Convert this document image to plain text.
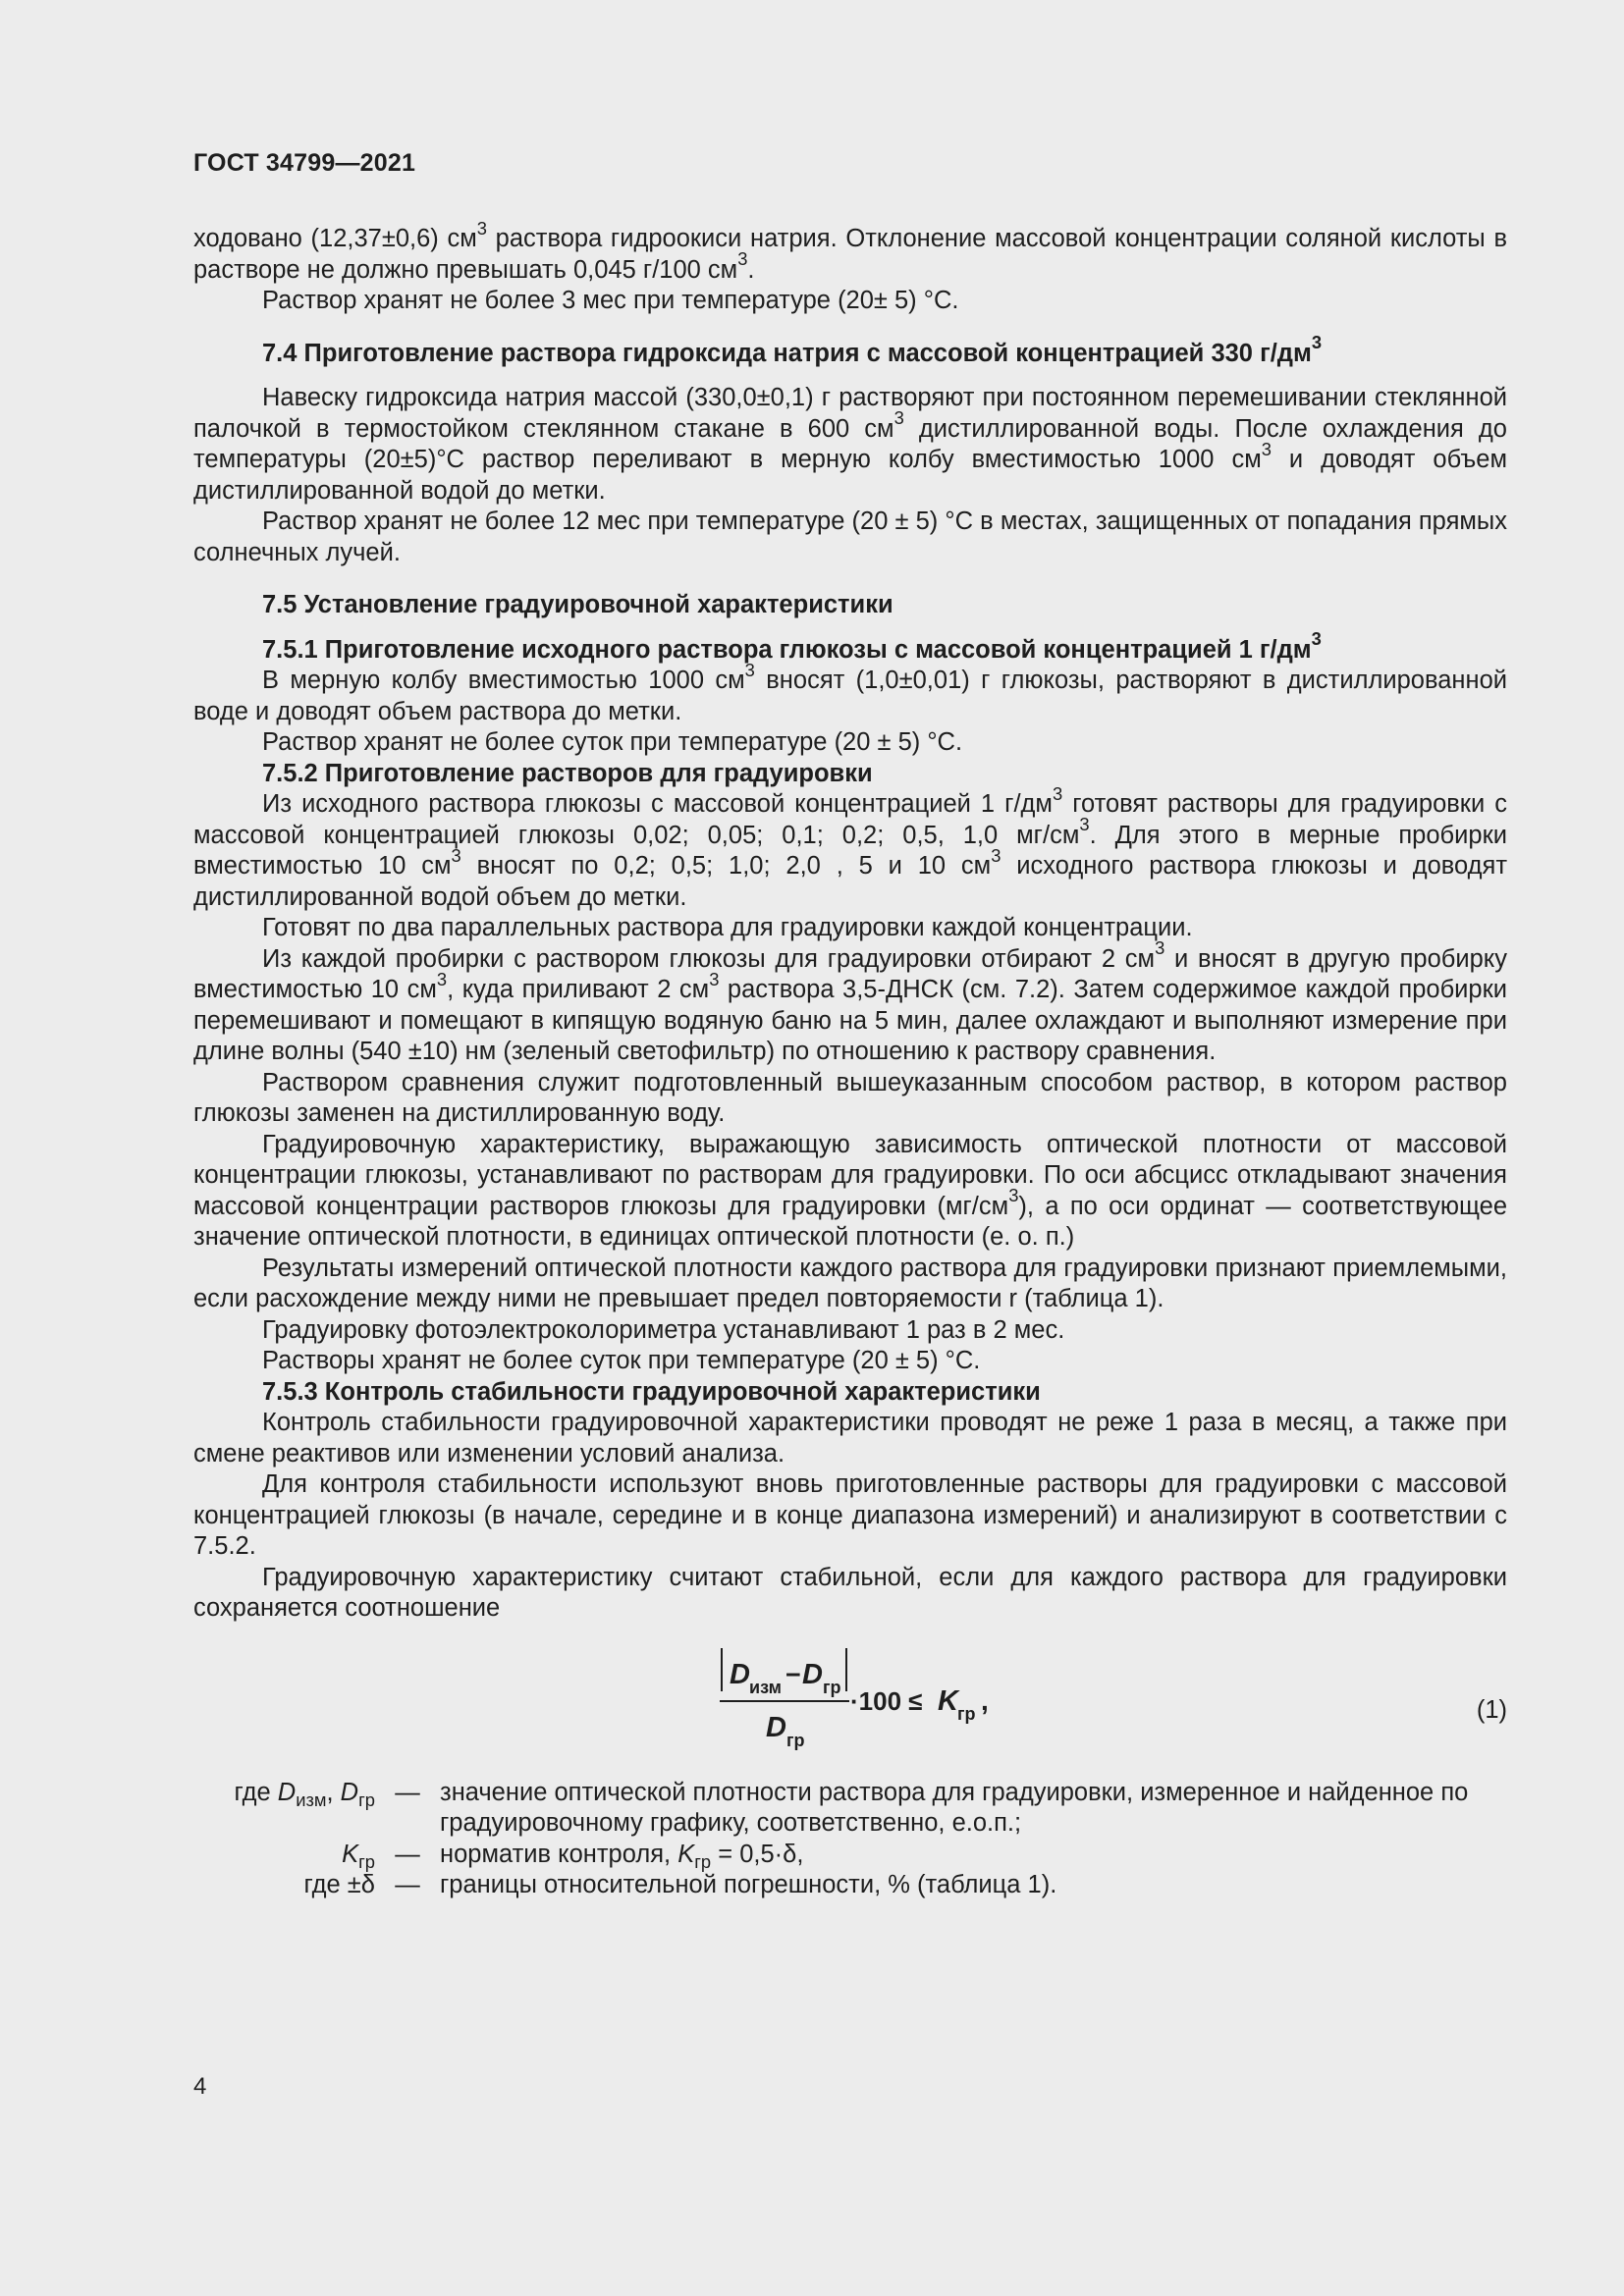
ГОСТ 34799—2021

ходовано (12,37±0,6) $см^3$ раствора гидроокиси натрия. Отклонение массовой концентрации соляной кислоты в растворе не должно превышать 0,045 г/100 $см^3$.

Раствор хранят не более 3 мес при температуре (20± 5) °С.

7.4 Приготовление раствора гидроксида натрия с массовой концентрацией 330 $г/дм^3$

Навеску гидроксида натрия массой (330,0±0,1) г растворяют при постоянном перемешивании стеклянной палочкой в термостойком стеклянном стакане в 600 $см^3$ дистиллированной воды. После охлаждения до температуры (20±5)°С раствор переливают в мерную колбу вместимостью 1000 $см^3$ и доводят объем дистиллированной водой до метки.

Раствор хранят не более 12 мес при температуре (20 ± 5) °С в местах, защищенных от попадания прямых солнечных лучей.

7.5 Установление градуировочной характеристики

7.5.1 Приготовление исходного раствора глюкозы с массовой концентрацией 1 $г/дм^3$

В мерную колбу вместимостью 1000 $см^3$ вносят (1,0±0,01) г глюкозы, растворяют в дистиллированной воде и доводят объем раствора до метки.

Раствор хранят не более суток при температуре (20 ± 5) °С.

7.5.2 Приготовление растворов для градуировки

Из исходного раствора глюкозы с массовой концентрацией 1 $г/дм^3$ готовят растворы для градуировки с массовой концентрацией глюкозы 0,02; 0,05; 0,1; 0,2; 0,5, 1,0 $мг/см^3$. Для этого в мерные пробирки вместимостью 10 $см^3$ вносят по 0,2; 0,5; 1,0; 2,0 , 5 и 10 $см^3$ исходного раствора глюкозы и доводят дистиллированной водой объем до метки.

Готовят по два параллельных раствора для градуировки каждой концентрации.

Из каждой пробирки с раствором глюкозы для градуировки отбирают 2 $см^3$ и вносят в другую пробирку вместимостью 10 $см^3$, куда приливают 2 $см^3$ раствора 3,5-ДНСК (см. 7.2). Затем содержимое каждой пробирки перемешивают и помещают в кипящую водяную баню на 5 мин, далее охлаждают и выполняют измерение при длине волны (540 ±10) нм (зеленый светофильтр) по отношению к раствору сравнения.

Раствором сравнения служит подготовленный вышеуказанным способом раствор, в котором раствор глюкозы заменен на дистиллированную воду.

Градуировочную характеристику, выражающую зависимость оптической плотности от массовой концентрации глюкозы, устанавливают по растворам для градуировки. По оси абсцисс откладывают значения массовой концентрации растворов глюкозы для градуировки $(мг/см^3)$, а по оси ординат — соответствующее значение оптической плотности, в единицах оптической плотности (е. о. п.)

Результаты измерений оптической плотности каждого раствора для градуировки признают приемлемыми, если расхождение между ними не превышает предел повторяемости r (таблица 1).

Градуировку фотоэлектроколориметра устанавливают 1 раз в 2 мес.

Растворы хранят не более суток при температуре (20 ± 5) °С.

7.5.3 Контроль стабильности градуировочной характеристики

Контроль стабильности градуировочной характеристики проводят не реже 1 раза в месяц, а также при смене реактивов или изменении условий анализа.

Для контроля стабильности используют вновь приготовленные растворы для градуировки с массовой концентрацией глюкозы (в начале, середине и в конце диапазона измерений) и анализируют в соответствии с 7.5.2.

Градуировочную характеристику считают стабильной, если для каждого раствора для градуировки сохраняется соотношение

D изм − D гр
D гр
·100 ≤ K гр ,	(1)
где $D_{изм}$, $D_{гр}$ — значение оптической плотности раствора для градуировки, измеренное и найденное по градуировочному графику, соответственно, е.о.п.;
$K_{гр}$ — норматив контроля, $K_{гр} = 0,5\cdot\delta$,
где ±δ — границы относительной погрешности, % (таблица 1).
4
